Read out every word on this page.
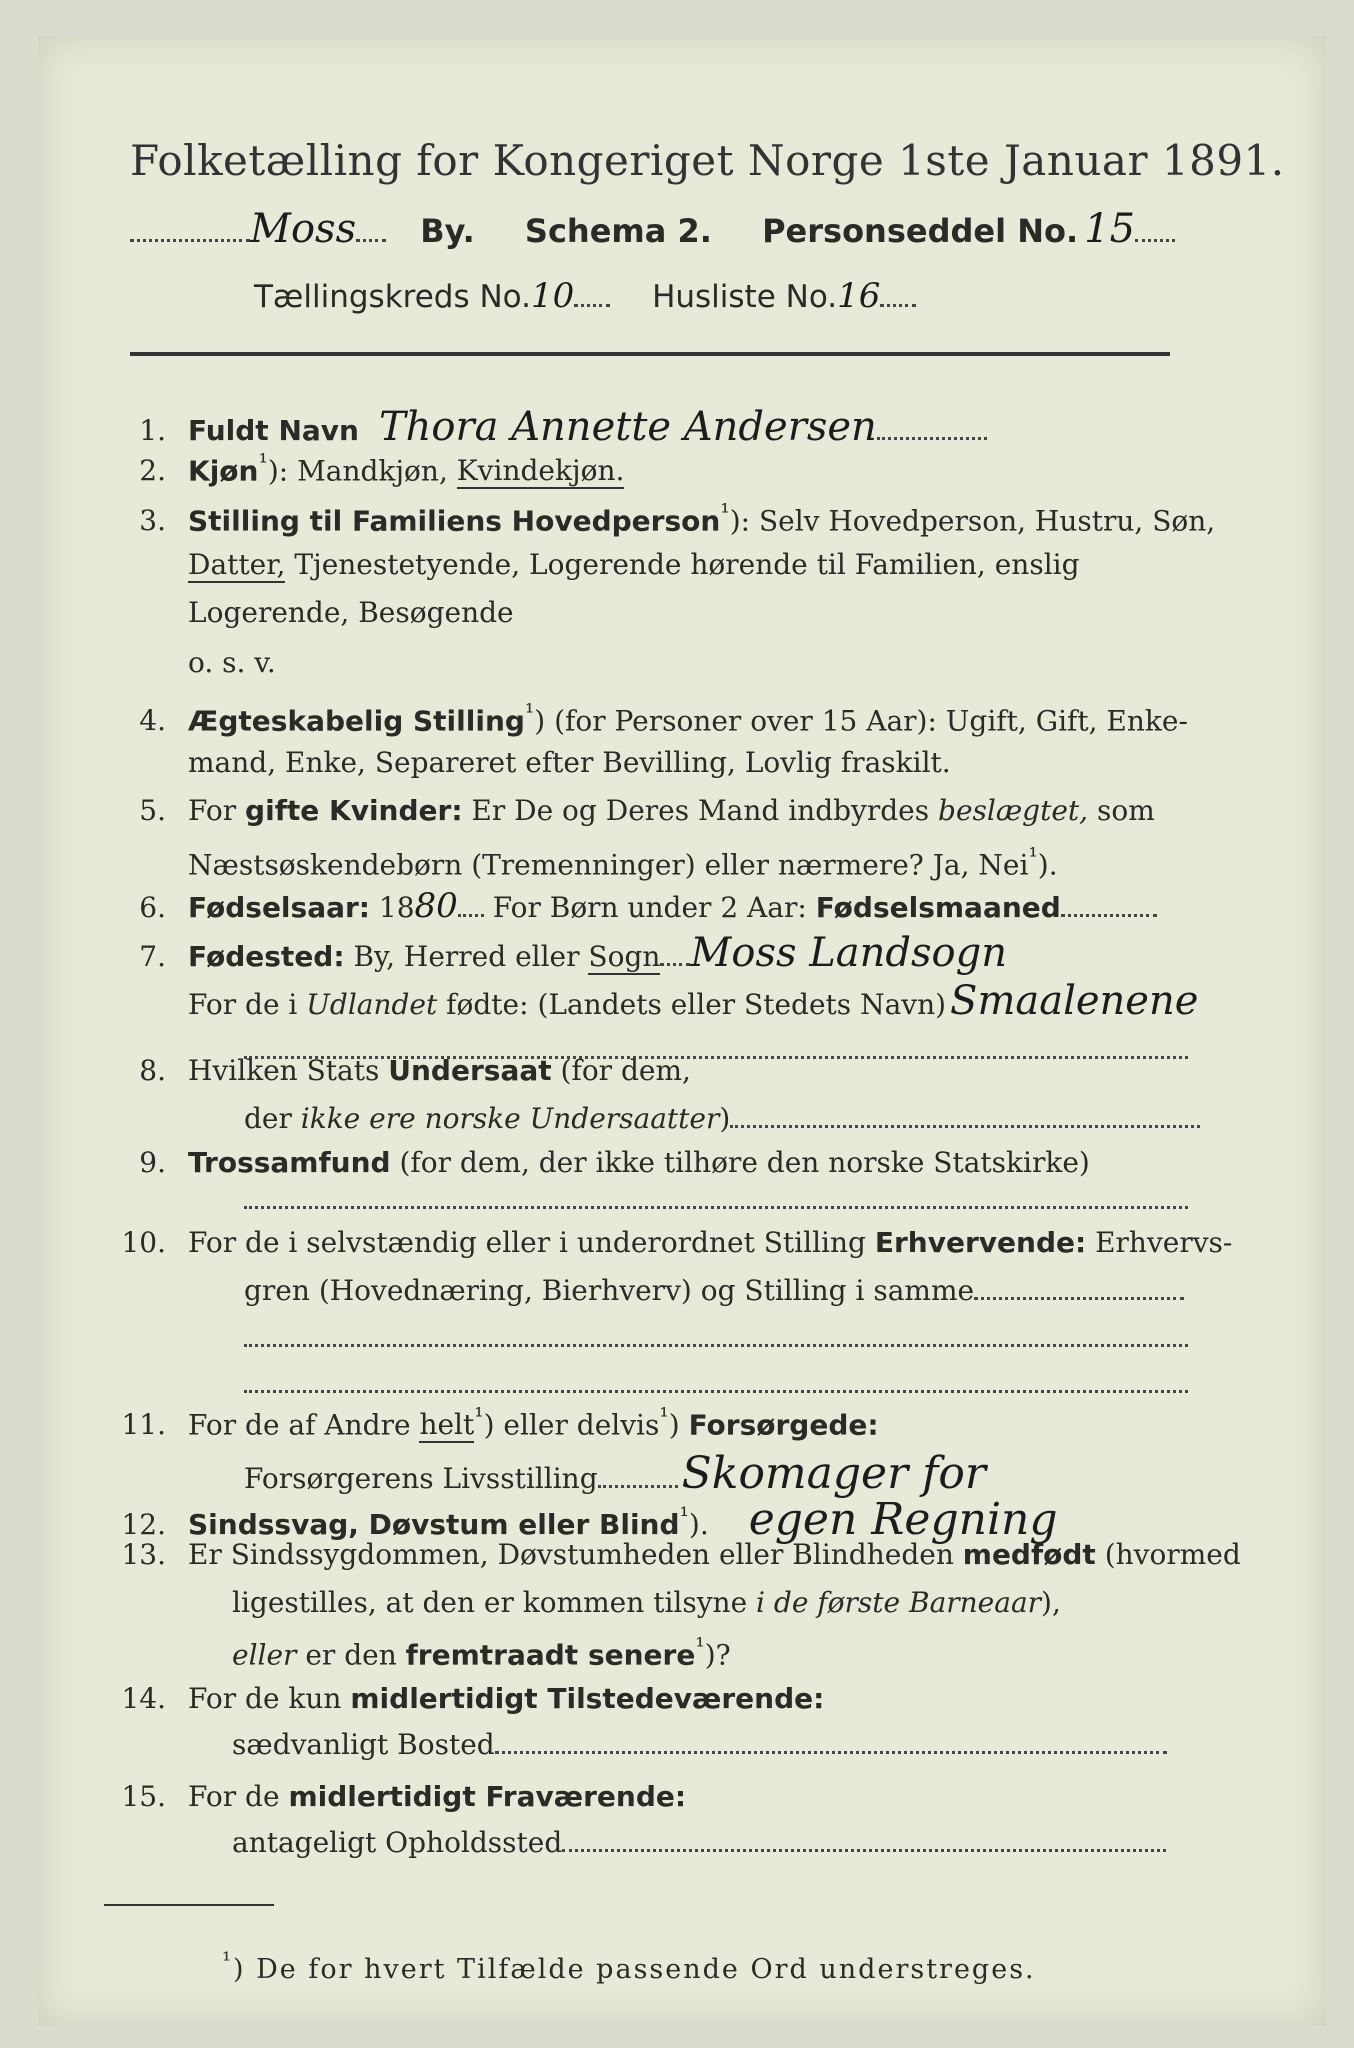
Folketælling for Kongeriget Norge 1ste Januar 1891.
Moss By. Schema 2. Personseddel No. 15
Tællingskreds No.10	Husliste No.16
1. Fuldt Navn Thora Annette Andersen
2. Kjøn$^{^1}$): Mandkjøn, Kvindekjøn.
3. Stilling til Familiens Hovedperson$^{^1}$): Selv Hovedperson, Hustru, Søn,
Datter, Tjenestetyende, Logerende hørende til Familien, enslig
Logerende, Besøgende
o. s. v.
4. Ægteskabelig Stilling$^{^1}$) (for Personer over 15 Aar): Ugift, Gift, Enke-
mand, Enke, Separeret efter Bevilling, Lovlig fraskilt.
5. For gifte Kvinder: Er De og Deres Mand indbyrdes beslægtet, som
Næstsøskendebørn (Tremenninger) eller nærmere? Ja, Nei$^{^1}$).
6. Fødselsaar: 1880 For Børn under 2 Aar: Fødselsmaaned
7. Fødested: By, Herred eller Sogn Moss Landsogn
For de i Udlandet fødte: (Landets eller Stedets Navn) Smaalenene
8. Hvilken Stats Undersaat (for dem,
der ikke ere norske Undersaatter)
9. Trossamfund (for dem, der ikke tilhøre den norske Statskirke)
10. For de i selvstændig eller i underordnet Stilling Erhvervende: Erhvervs-
gren (Hovednæring, Bierhverv) og Stilling i samme
11. For de af Andre helt$^{^1}$) eller delvis$^{^1}$) Forsørgede:
Forsørgerens Livsstilling Skomager for
12. Sindssvag, Døvstum eller Blind$^{^1}$). egen Regning
13. Er Sindssygdommen, Døvstumheden eller Blindheden medfødt (hvormed
ligestilles, at den er kommen tilsyne i de første Barneaar),
eller er den fremtraadt senere$^{^1}$)?
14. For de kun midlertidigt Tilstedeværende:
sædvanligt Bosted
15. For de midlertidigt Fraværende:
antageligt Opholdssted
$^{^1}$) De for hvert Tilfælde passende Ord understreges.
